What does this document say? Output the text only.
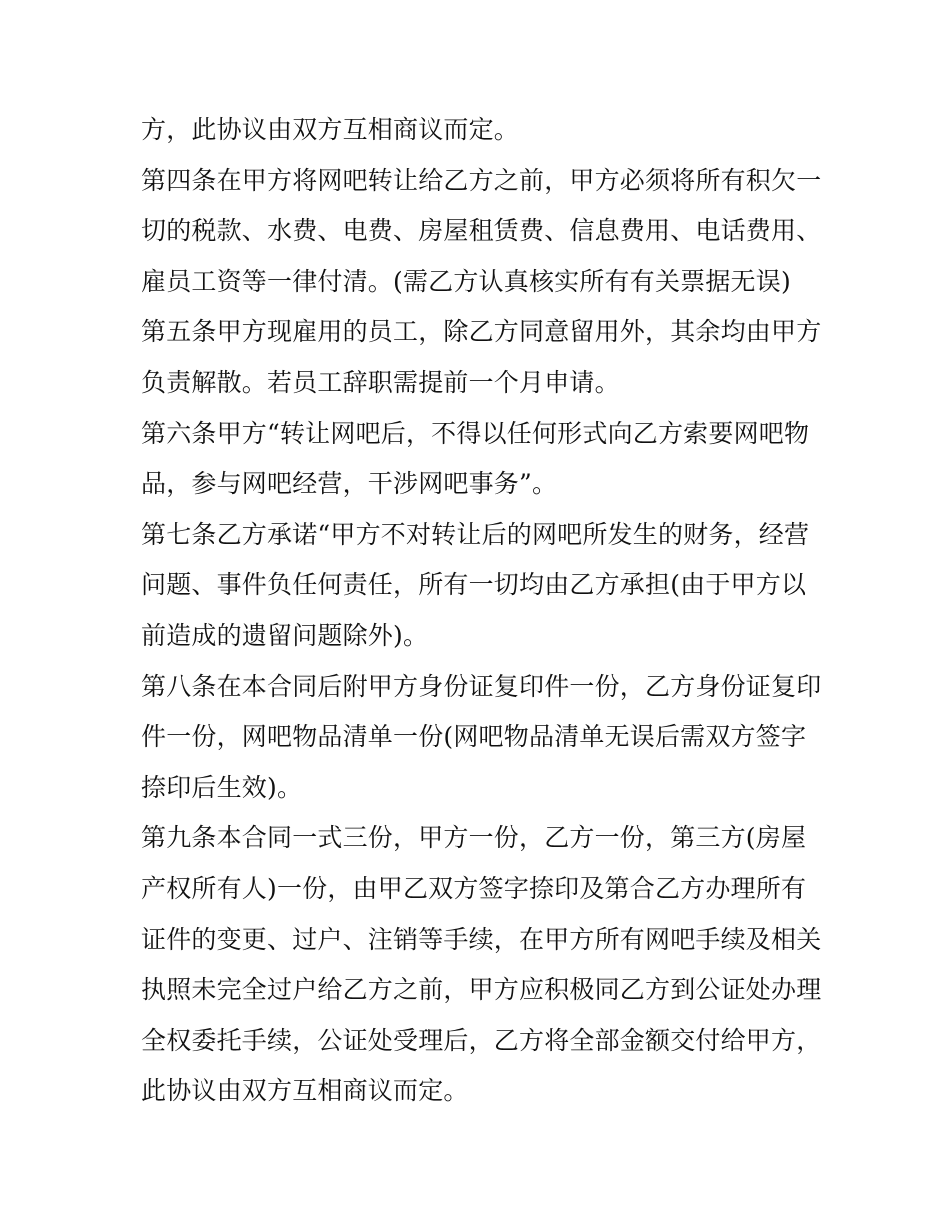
方，此协议由双方互相商议而定。
第四条在甲方将网吧转让给乙方之前，甲方必须将所有积欠一
切的税款、水费、电费、房屋租赁费、信息费用、电话费用、
雇员工资等一律付清。(需乙方认真核实所有有关票据无误)
第五条甲方现雇用的员工，除乙方同意留用外，其余均由甲方
负责解散。若员工辞职需提前一个月申请。
第六条甲方“转让网吧后，不得以任何形式向乙方索要网吧物
品，参与网吧经营，干涉网吧事务”。
第七条乙方承诺“甲方不对转让后的网吧所发生的财务，经营
问题、事件负任何责任，所有一切均由乙方承担(由于甲方以
前造成的遗留问题除外)。
第八条在本合同后附甲方身份证复印件一份，乙方身份证复印
件一份，网吧物品清单一份(网吧物品清单无误后需双方签字
捺印后生效)。
第九条本合同一式三份，甲方一份，乙方一份，第三方(房屋
产权所有人)一份，由甲乙双方签字捺印及第合乙方办理所有
证件的变更、过户、注销等手续，在甲方所有网吧手续及相关
执照未完全过户给乙方之前，甲方应积极同乙方到公证处办理
全权委托手续，公证处受理后，乙方将全部金额交付给甲方，
此协议由双方互相商议而定。
